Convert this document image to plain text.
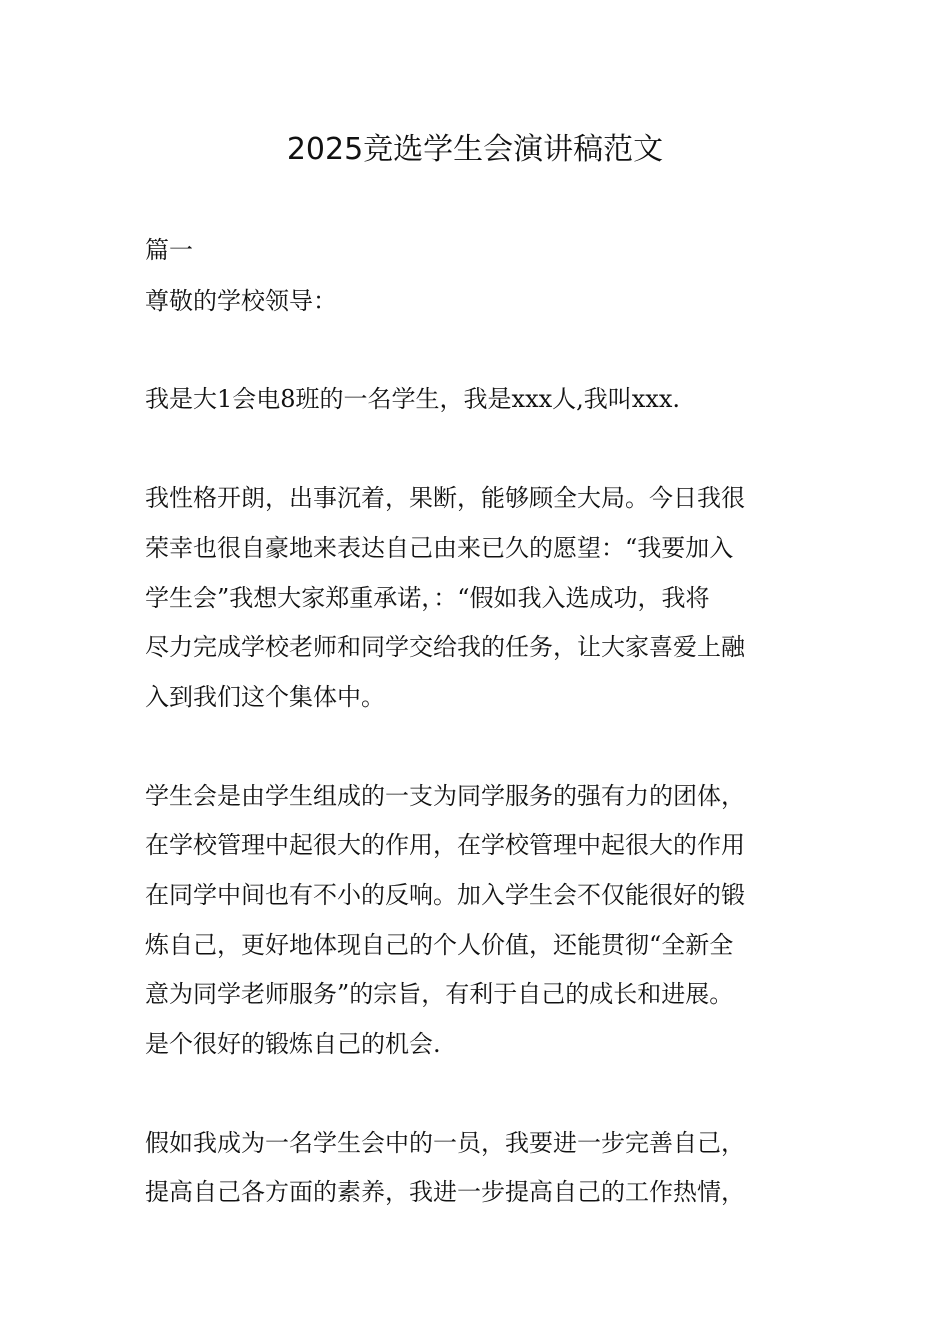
2025竞选学生会演讲稿范文
篇一
尊敬的学校领导：
我是大1会电8班的一名学生，我是xxx人,我叫xxx.
我性格开朗，出事沉着，果断，能够顾全大局。今日我很
荣幸也很自豪地来表达自己由来已久的愿望：“我要加入
学生会”我想大家郑重承诺，：“假如我入选成功，我将
尽力完成学校老师和同学交给我的任务，让大家喜爱上融
入到我们这个集体中。
学生会是由学生组成的一支为同学服务的强有力的团体，
在学校管理中起很大的作用，在学校管理中起很大的作用
在同学中间也有不小的反响。加入学生会不仅能很好的锻
炼自己，更好地体现自己的个人价值，还能贯彻“全新全
意为同学老师服务”的宗旨，有利于自己的成长和进展。
是个很好的锻炼自己的机会.
假如我成为一名学生会中的一员，我要进一步完善自己，
提高自己各方面的素养，我进一步提高自己的工作热情，
